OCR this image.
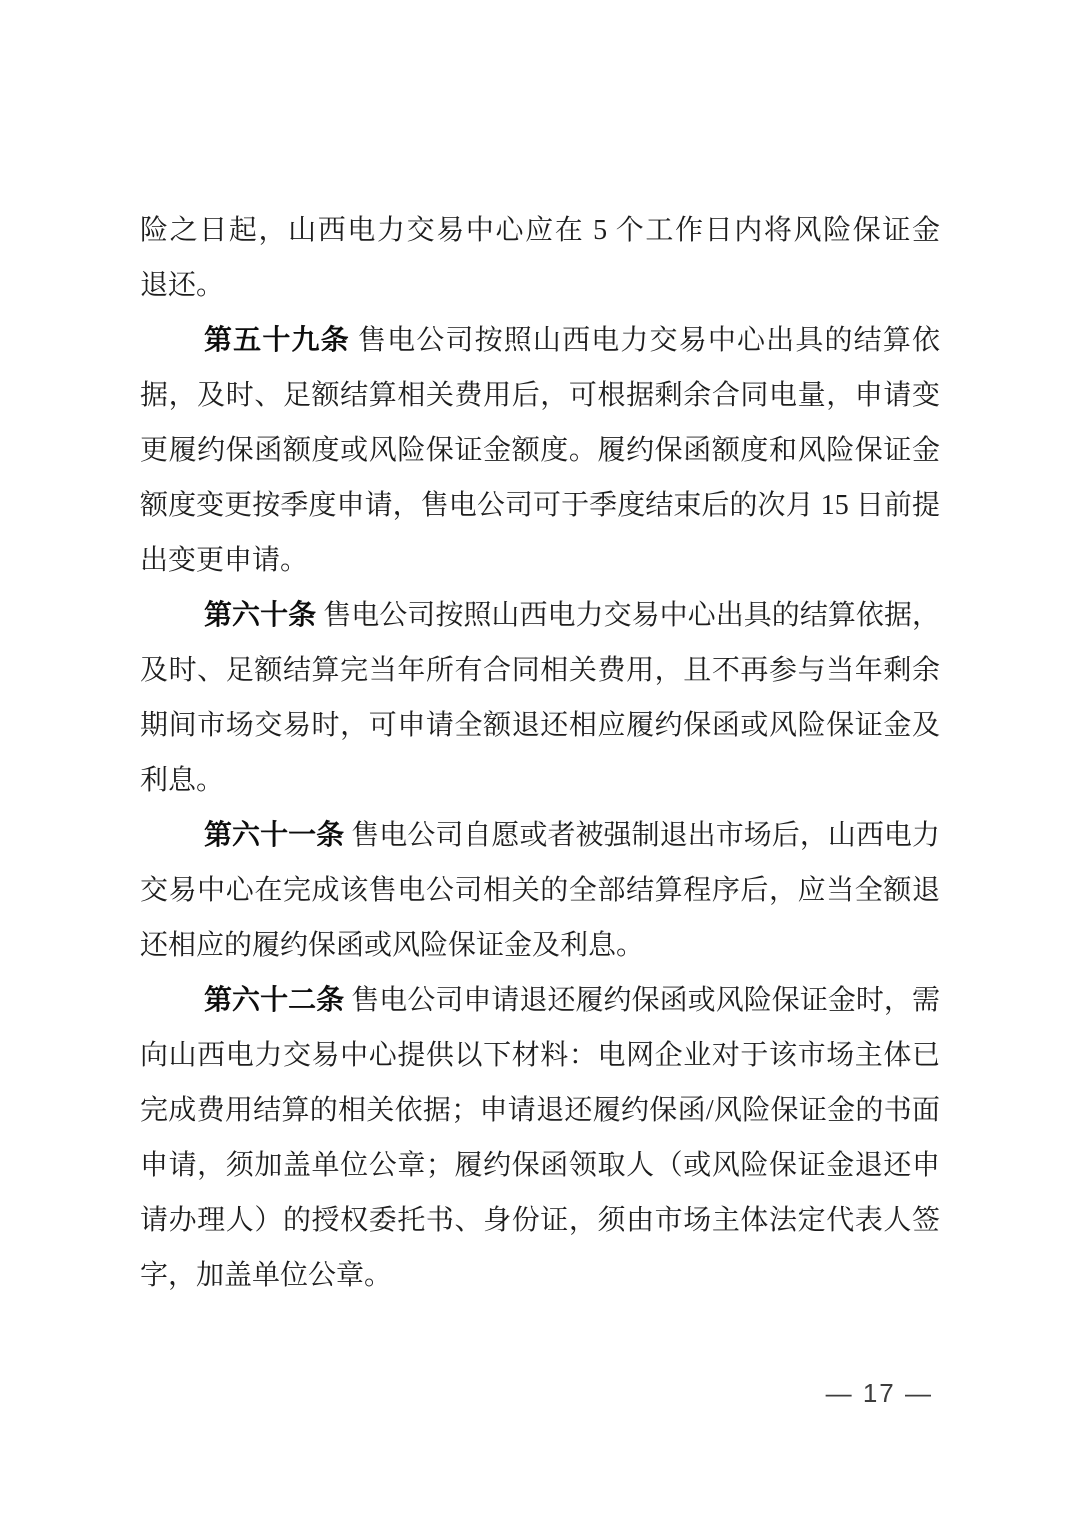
险之日起，山西电力交易中心应在 5 个工作日内将风险保证金
退还。
第五十九条 售电公司按照山西电力交易中心出具的结算依
据，及时、足额结算相关费用后，可根据剩余合同电量，申请变
更履约保函额度或风险保证金额度。履约保函额度和风险保证金
额度变更按季度申请，售电公司可于季度结束后的次月 15 日前提
出变更申请。
第六十条 售电公司按照山西电力交易中心出具的结算依据，
及时、足额结算完当年所有合同相关费用，且不再参与当年剩余
期间市场交易时，可申请全额退还相应履约保函或风险保证金及
利息。
第六十一条 售电公司自愿或者被强制退出市场后，山西电力
交易中心在完成该售电公司相关的全部结算程序后，应当全额退
还相应的履约保函或风险保证金及利息。
第六十二条 售电公司申请退还履约保函或风险保证金时，需
向山西电力交易中心提供以下材料：电网企业对于该市场主体已
完成费用结算的相关依据；申请退还履约保函/风险保证金的书面
申请，须加盖单位公章；履约保函领取人（或风险保证金退还申
请办理人）的授权委托书、身份证，须由市场主体法定代表人签
字，加盖单位公章。
— 17 —
